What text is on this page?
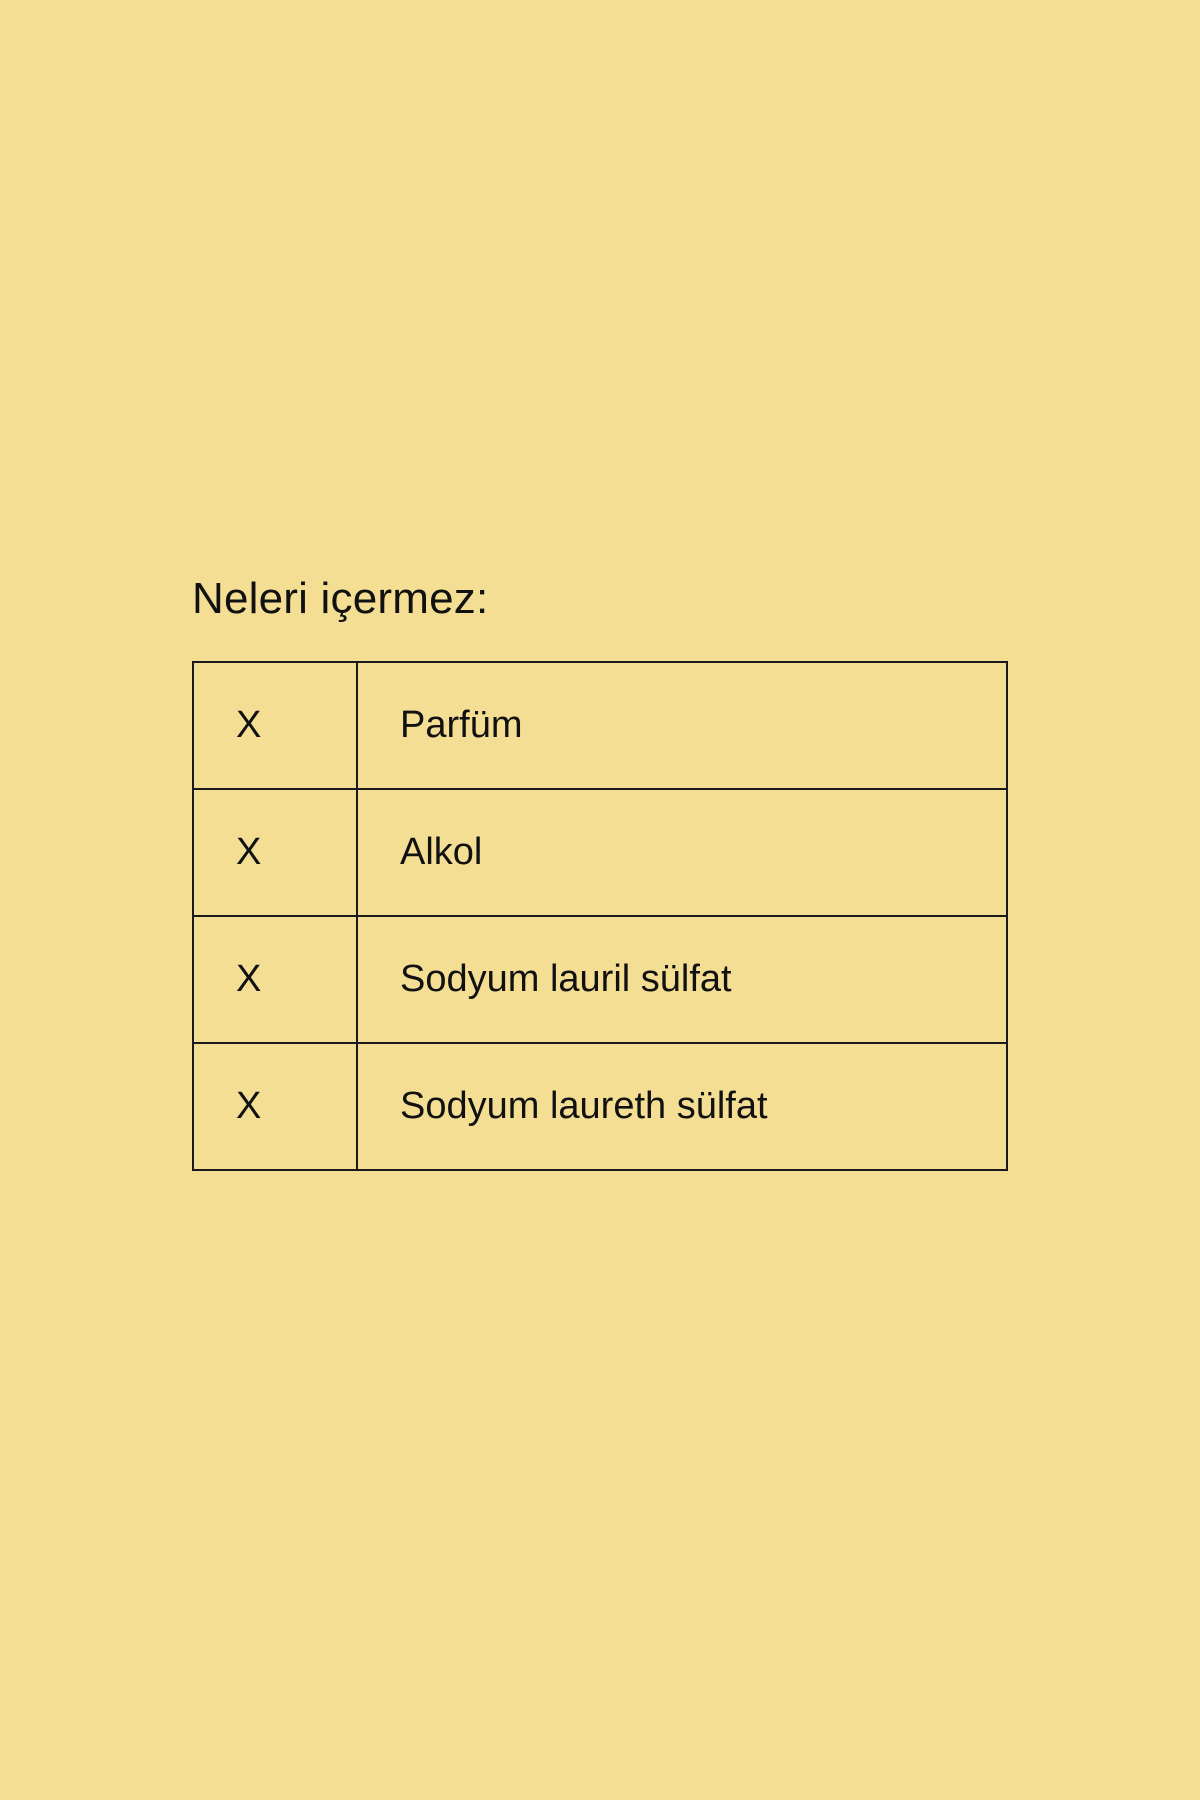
Neleri içermez:
X	Parfüm
X	Alkol
X	Sodyum lauril sülfat
X	Sodyum laureth sülfat
